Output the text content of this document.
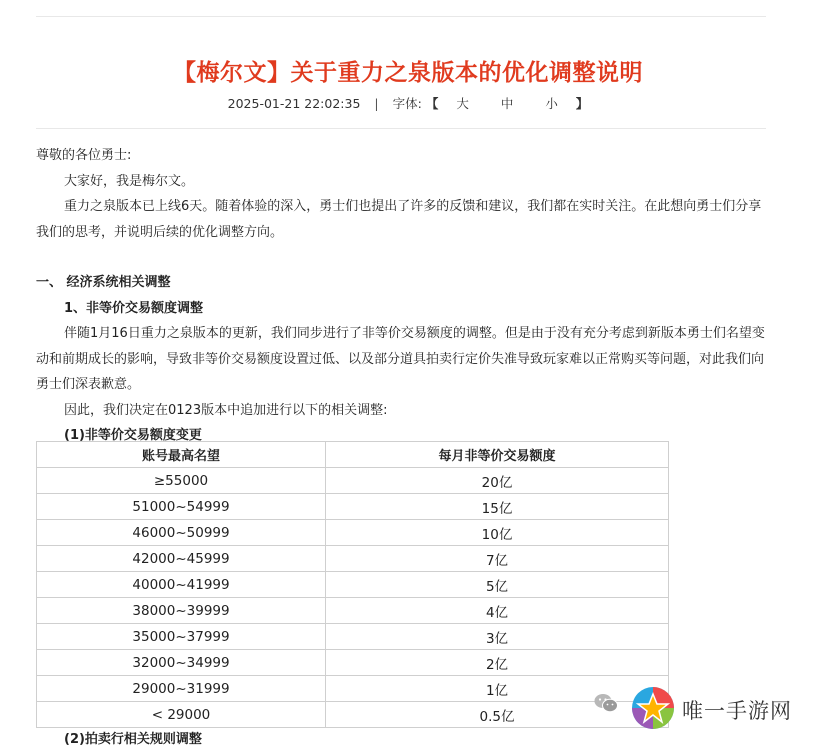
【梅尔文】关于重力之泉版本的优化调整说明
2025-01-21 22:02:35 | 字体: 【 大	中	小 】

尊敬的各位勇士:

大家好，我是梅尔文。

重力之泉版本已上线6天。随着体验的深入，勇士们也提出了许多的反馈和建议，我们都在实时关注。在此想向勇士们分享我们的思考，并说明后续的优化调整方向。

一、 经济系统相关调整

1、非等价交易额度调整

伴随1月16日重力之泉版本的更新，我们同步进行了非等价交易额度的调整。但是由于没有充分考虑到新版本勇士们名望变动和前期成长的影响，导致非等价交易额度设置过低、以及部分道具拍卖行定价失准导致玩家难以正常购买等问题，对此我们向勇士们深表歉意。

因此，我们决定在0123版本中追加进行以下的相关调整:

(1)非等价交易额度变更

账号最高名望	每月非等价交易额度
≥55000	20亿
51000~54999	15亿
46000~50999	10亿
42000~45999	7亿
40000~41999	5亿
38000~39999	4亿
35000~37999	3亿
32000~34999	2亿
29000~31999	1亿
< 29000	0.5亿
(2)拍卖行相关规则调整
唯一手游网
